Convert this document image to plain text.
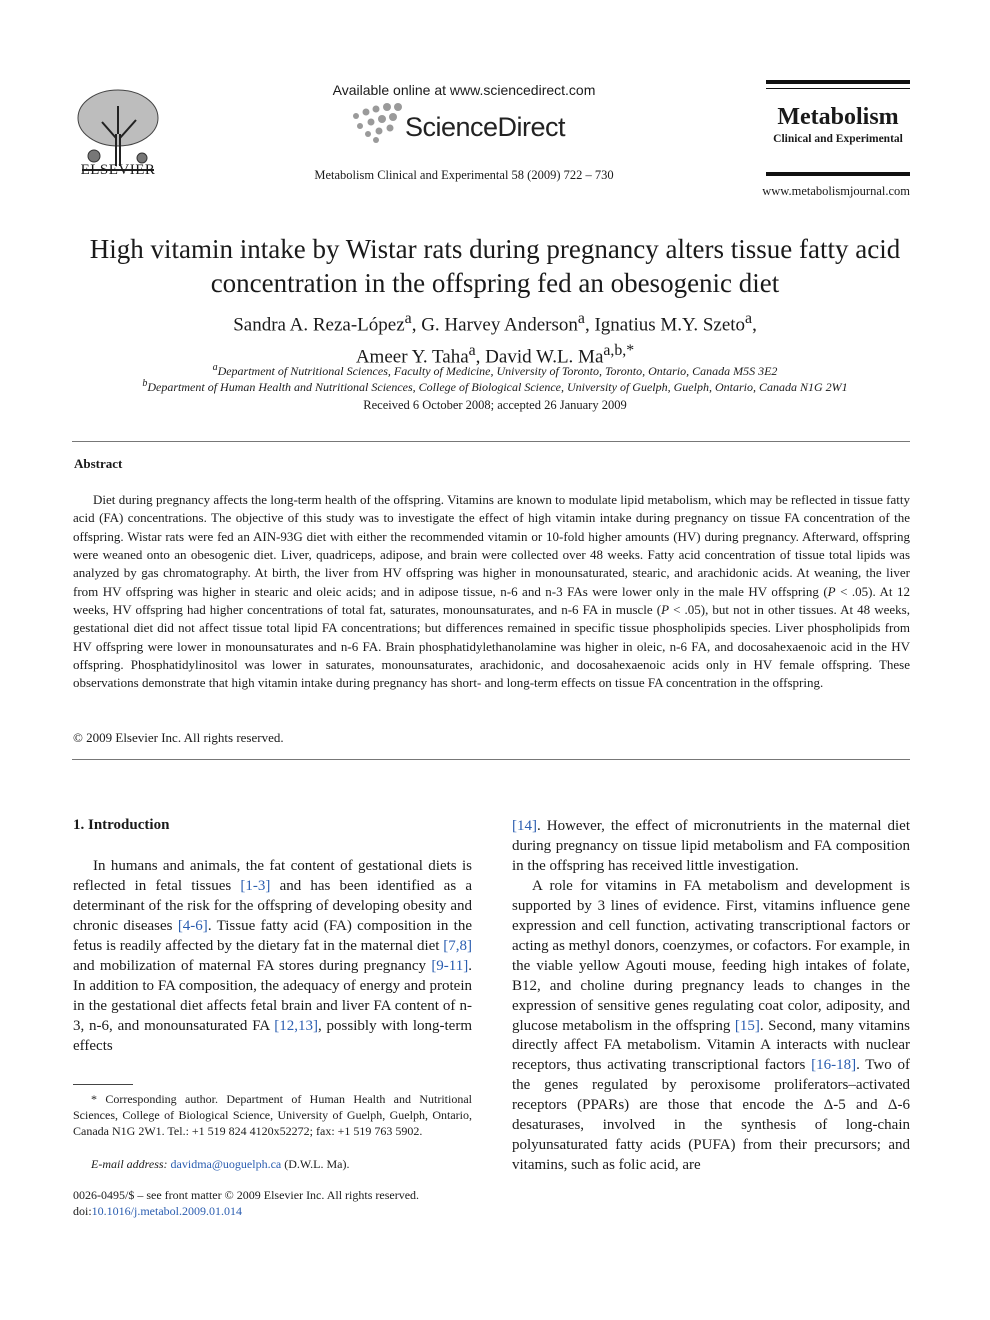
ELSEVIER
Available online at www.sciencedirect.com
ScienceDirect
Metabolism Clinical and Experimental 58 (2009) 722 – 730
Metabolism
Clinical and Experimental
www.metabolismjournal.com
High vitamin intake by Wistar rats during pregnancy alters tissue fatty acid
concentration in the offspring fed an obesogenic diet
Sandra A. Reza-López$^a$, G. Harvey Anderson$^a$, Ignatius M.Y. Szeto$^a$,
Ameer Y. Taha$^a$, David W.L. $Ma^{a,b,*}$
$^a$Department of Nutritional Sciences, Faculty of Medicine, University of Toronto, Toronto, Ontario, Canada M5S 3E2
$^b$Department of Human Health and Nutritional Sciences, College of Biological Science, University of Guelph, Guelph, Ontario, Canada N1G 2W1
Received 6 October 2008; accepted 26 January 2009
Abstract
Diet during pregnancy affects the long-term health of the offspring. Vitamins are known to modulate lipid metabolism, which may be reflected in tissue fatty acid (FA) concentrations. The objective of this study was to investigate the effect of high vitamin intake during pregnancy on tissue FA concentration of the offspring. Wistar rats were fed an AIN-93G diet with either the recommended vitamin or 10-fold higher amounts (HV) during pregnancy. Afterward, offspring were weaned onto an obesogenic diet. Liver, quadriceps, adipose, and brain were collected over 48 weeks. Fatty acid concentration of tissue total lipids was analyzed by gas chromatography. At birth, the liver from HV offspring was higher in monounsaturated, stearic, and arachidonic acids. At weaning, the liver from HV offspring was higher in stearic and oleic acids; and in adipose tissue, n-6 and n-3 FAs were lower only in the male HV offspring (P < .05). At 12 weeks, HV offspring had higher concentrations of total fat, saturates, monounsaturates, and n-6 FA in muscle (P < .05), but not in other tissues. At 48 weeks, gestational diet did not affect tissue total lipid FA concentrations; but differences remained in specific tissue phospholipids species. Liver phospholipids from HV offspring were lower in monounsaturates and n-6 FA. Brain phosphatidylethanolamine was higher in oleic, n-6 FA, and docosahexaenoic acid in the HV offspring. Phosphatidylinositol was lower in saturates, monounsaturates, arachidonic, and docosahexaenoic acids only in HV female offspring. These observations demonstrate that high vitamin intake during pregnancy has short- and long-term effects on tissue FA concentration in the offspring.
© 2009 Elsevier Inc. All rights reserved.
1. Introduction
In humans and animals, the fat content of gestational diets is reflected in fetal tissues [1-3] and has been identified as a determinant of the risk for the offspring of developing obesity and chronic diseases [4-6]. Tissue fatty acid (FA) composition in the fetus is readily affected by the dietary fat in the maternal diet [7,8] and mobilization of maternal FA stores during pregnancy [9-11]. In addition to FA composition, the adequacy of energy and protein in the gestational diet affects fetal brain and liver FA content of n-3, n-6, and monounsaturated FA [12,13], possibly with long-term effects

[14]. However, the effect of micronutrients in the maternal diet during pregnancy on tissue lipid metabolism and FA composition in the offspring has received little investigation.

A role for vitamins in FA metabolism and development is supported by 3 lines of evidence. First, vitamins influence gene expression and cell function, activating transcriptional factors or acting as methyl donors, coenzymes, or cofactors. For example, in the viable yellow Agouti mouse, feeding high intakes of folate, B12, and choline during pregnancy leads to changes in the expression of sensitive genes regulating coat color, adiposity, and glucose metabolism in the offspring [15]. Second, many vitamins directly affect FA metabolism. Vitamin A interacts with nuclear receptors, thus activating transcriptional factors [16-18]. Two of the genes regulated by peroxisome proliferators–activated receptors (PPARs) are those that encode the Δ-5 and Δ-6 desaturases, involved in the synthesis of long-chain polyunsaturated fatty acids (PUFA) from their precursors; and vitamins, such as folic acid, are

* Corresponding author. Department of Human Health and Nutritional Sciences, College of Biological Science, University of Guelph, Guelph, Ontario, Canada N1G 2W1. Tel.: +1 519 824 4120x52272; fax: +1 519 763 5902.
E-mail address: davidma@uoguelph.ca (D.W.L. Ma).
0026-0495/$ – see front matter © 2009 Elsevier Inc. All rights reserved.
doi:10.1016/j.metabol.2009.01.014
